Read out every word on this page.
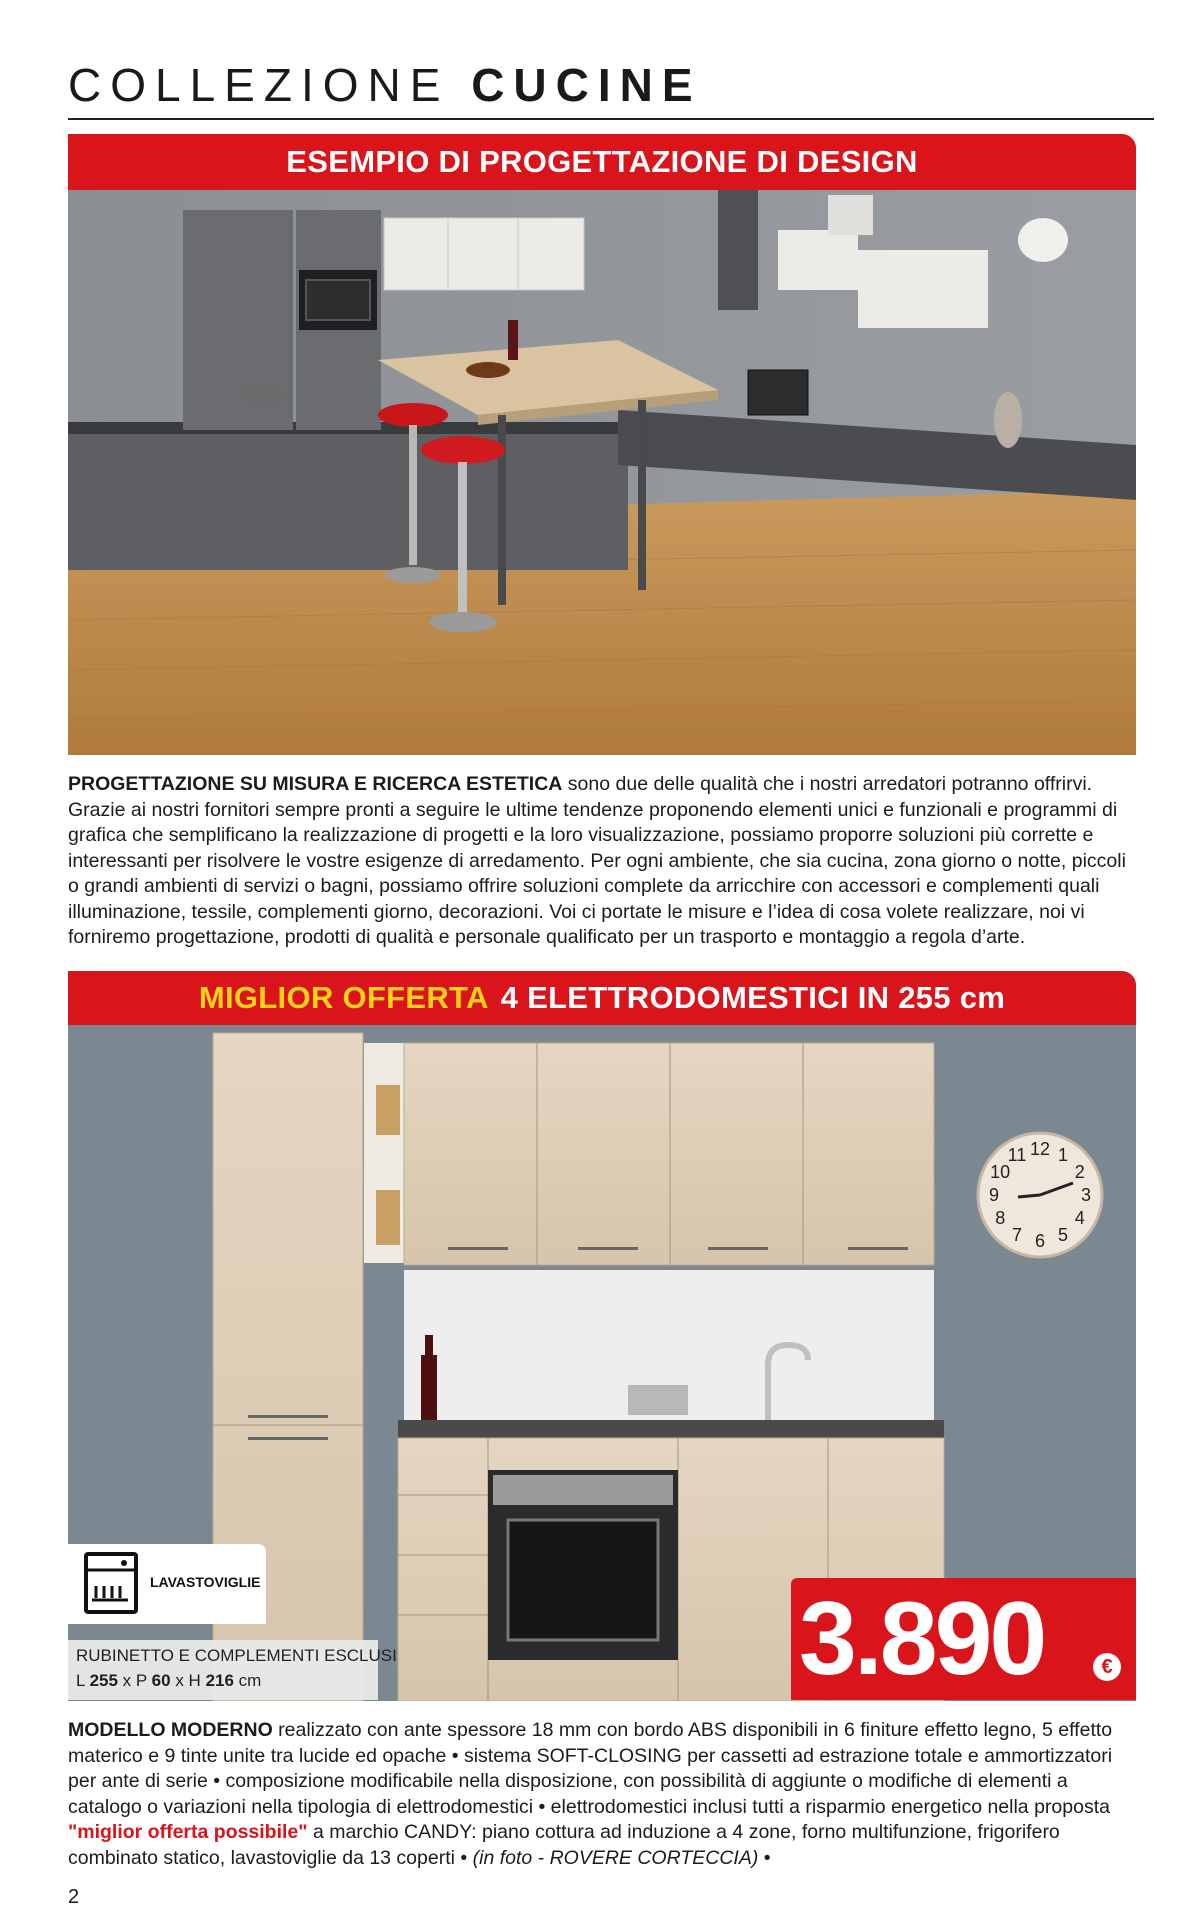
COLLEZIONE CUCINE
ESEMPIO DI PROGETTAZIONE DI DESIGN
PROGETTAZIONE SU MISURA E RICERCA ESTETICA sono due delle qualità che i nostri arredatori potranno offrirvi. Grazie ai nostri fornitori sempre pronti a seguire le ultime tendenze proponendo elementi unici e funzionali e programmi di grafica che semplificano la realizzazione di progetti e la loro visualizzazione, possiamo proporre soluzioni più corrette e interessanti per risolvere le vostre esigenze di arredamento. Per ogni ambiente, che sia cucina, zona giorno o notte, piccoli o grandi ambienti di servizi o bagni, possiamo offrire soluzioni complete da arricchire con accessori e complementi quali illuminazione, tessile, complementi giorno, decorazioni. Voi ci portate le misure e l’idea di cosa volete realizzare, noi vi forniremo progettazione, prodotti di qualità e personale qualificato per un trasporto e montaggio a regola d’arte.
MIGLIOR OFFERTA 4 ELETTRODOMESTICI IN 255 cm
12 1
2
3
4
5
6
7
8
9
10
11
LAVASTOVIGLIE
RUBINETTO E COMPLEMENTI ESCLUSI
L 255 x P 60 x H 216 cm	3.890	€
MODELLO MODERNO realizzato con ante spessore 18 mm con bordo ABS disponibili in 6 finiture effetto legno, 5 effetto materico e 9 tinte unite tra lucide ed opache • sistema SOFT-CLOSING per cassetti ad estrazione totale e ammortizzatori per ante di serie • composizione modificabile nella disposizione, con possibilità di aggiunte o modifiche di elementi a catalogo o variazioni nella tipologia di elettrodomestici • elettrodomestici inclusi tutti a risparmio energetico nella proposta "miglior offerta possibile" a marchio CANDY: piano cottura ad induzione a 4 zone, forno multifunzione, frigorifero combinato statico, lavastoviglie da 13 coperti • (in foto - ROVERE CORTECCIA) •
2
